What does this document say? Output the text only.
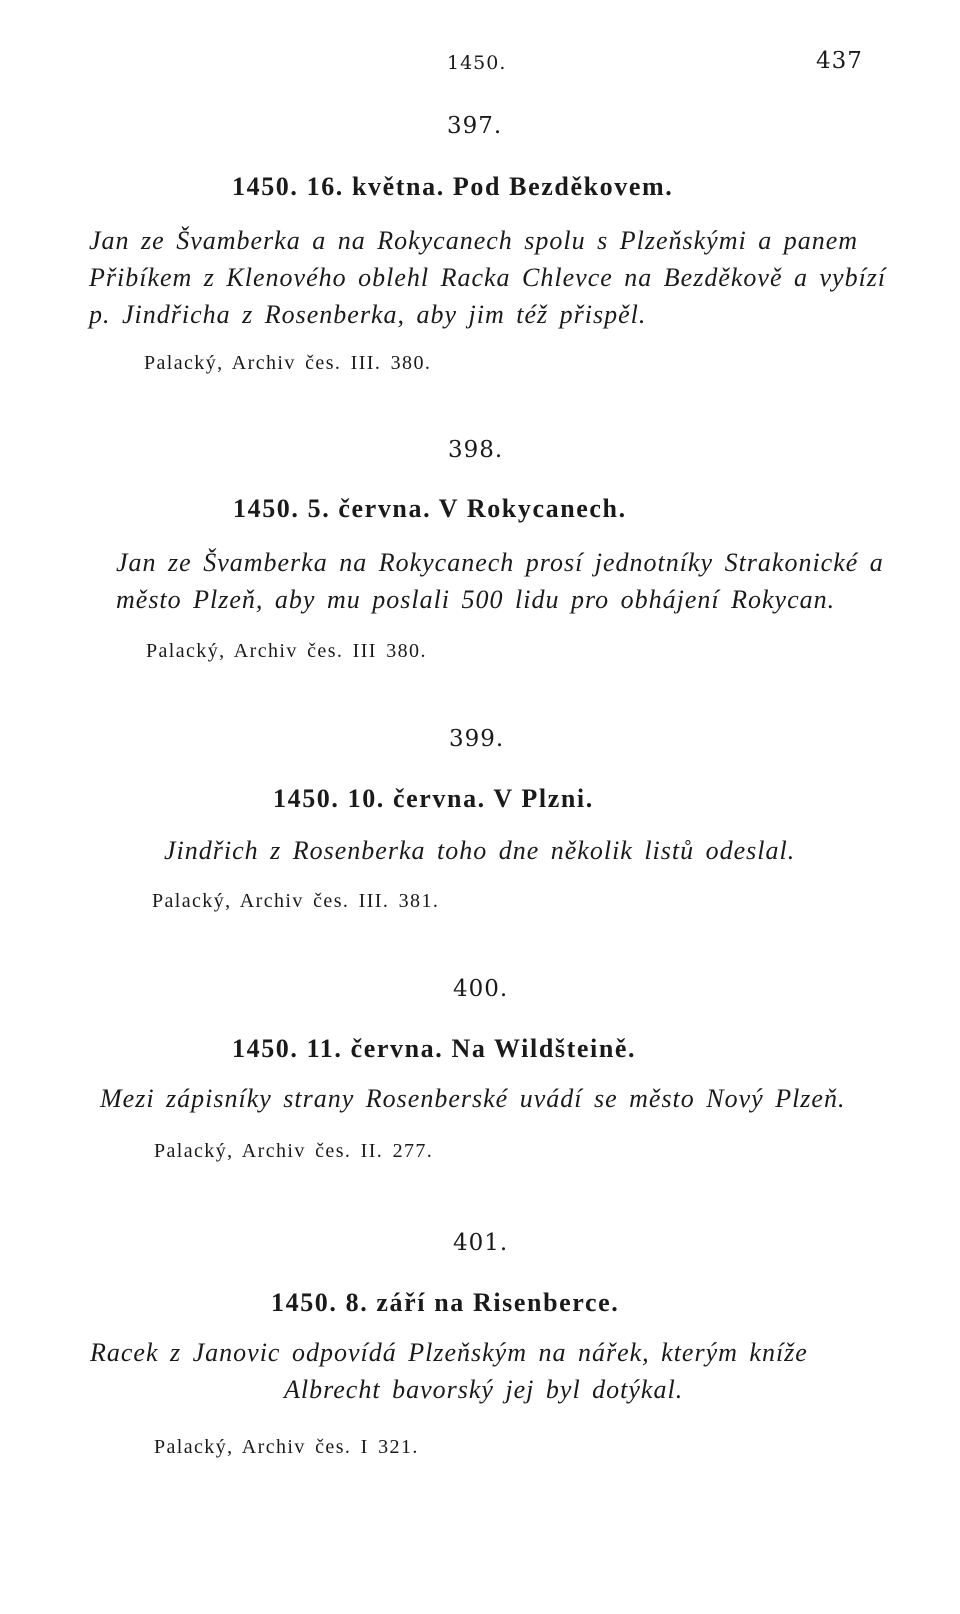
1450.	437
397.
1450. 16. května. Pod Bezděkovem.
Jan ze Švamberka a na Rokycanech spolu s Plzeňskými a panem
Přibíkem z Klenového oblehl Racka Chlevce na Bezděkově a vybízí
p. Jindřicha z Rosenberka, aby jim též přispěl.
Palacký, Archiv čes. III. 380.
398.
1450. 5. června. V Rokycanech.
Jan ze Švamberka na Rokycanech prosí jednotníky Strakonické a
město Plzeň, aby mu poslali 500 lidu pro obhájení Rokycan.
Palacký, Archiv čes. III 380.
399.
1450. 10. června. V Plzni.
Jindřich z Rosenberka toho dne několik listů odeslal.
Palacký, Archiv čes. III. 381.
400.
1450. 11. června. Na Wildšteině.
Mezi zápisníky strany Rosenberské uvádí se město Nový Plzeň.
Palacký, Archiv čes. II. 277.
401.
1450. 8. září na Risenberce.
Racek z Janovic odpovídá Plzeňským na nářek, kterým kníže
Albrecht bavorský jej byl dotýkal.
Palacký, Archiv čes. I 321.
